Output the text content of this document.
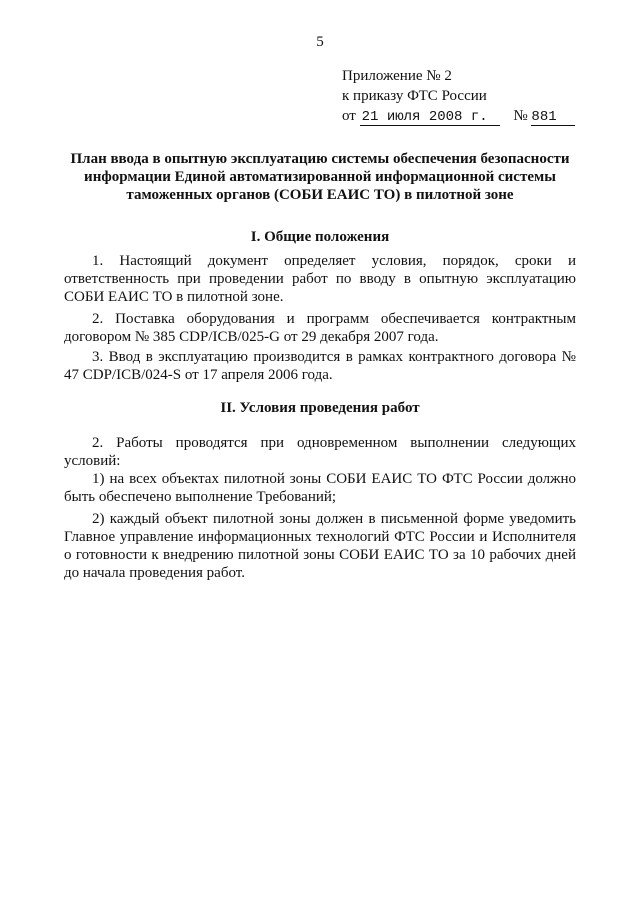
5
Приложение № 2
к приказу ФТС России
от 21 июля 2008 г. № 881
План ввода в опытную эксплуатацию системы обеспечения безопасности информации Единой автоматизированной информационной системы таможенных органов (СОБИ ЕАИС ТО) в пилотной зоне
I. Общие положения
1. Настоящий документ определяет условия, порядок, сроки и ответственность при проведении работ по вводу в опытную эксплуатацию СОБИ ЕАИС ТО в пилотной зоне.
2. Поставка оборудования и программ обеспечивается контрактным договором № 385 CDP/ICB/025-G от 29 декабря 2007 года.
3. Ввод в эксплуатацию производится в рамках контрактного договора № 47 CDP/ICB/024-S от 17 апреля 2006 года.
II. Условия проведения работ
2. Работы проводятся при одновременном выполнении следующих условий:
1) на всех объектах пилотной зоны СОБИ ЕАИС ТО ФТС России должно быть обеспечено выполнение Требований;
2) каждый объект пилотной зоны должен в письменной форме уведомить Главное управление информационных технологий ФТС России и Исполнителя о готовности к внедрению пилотной зоны СОБИ ЕАИС ТО за 10 рабочих дней до начала проведения работ.
